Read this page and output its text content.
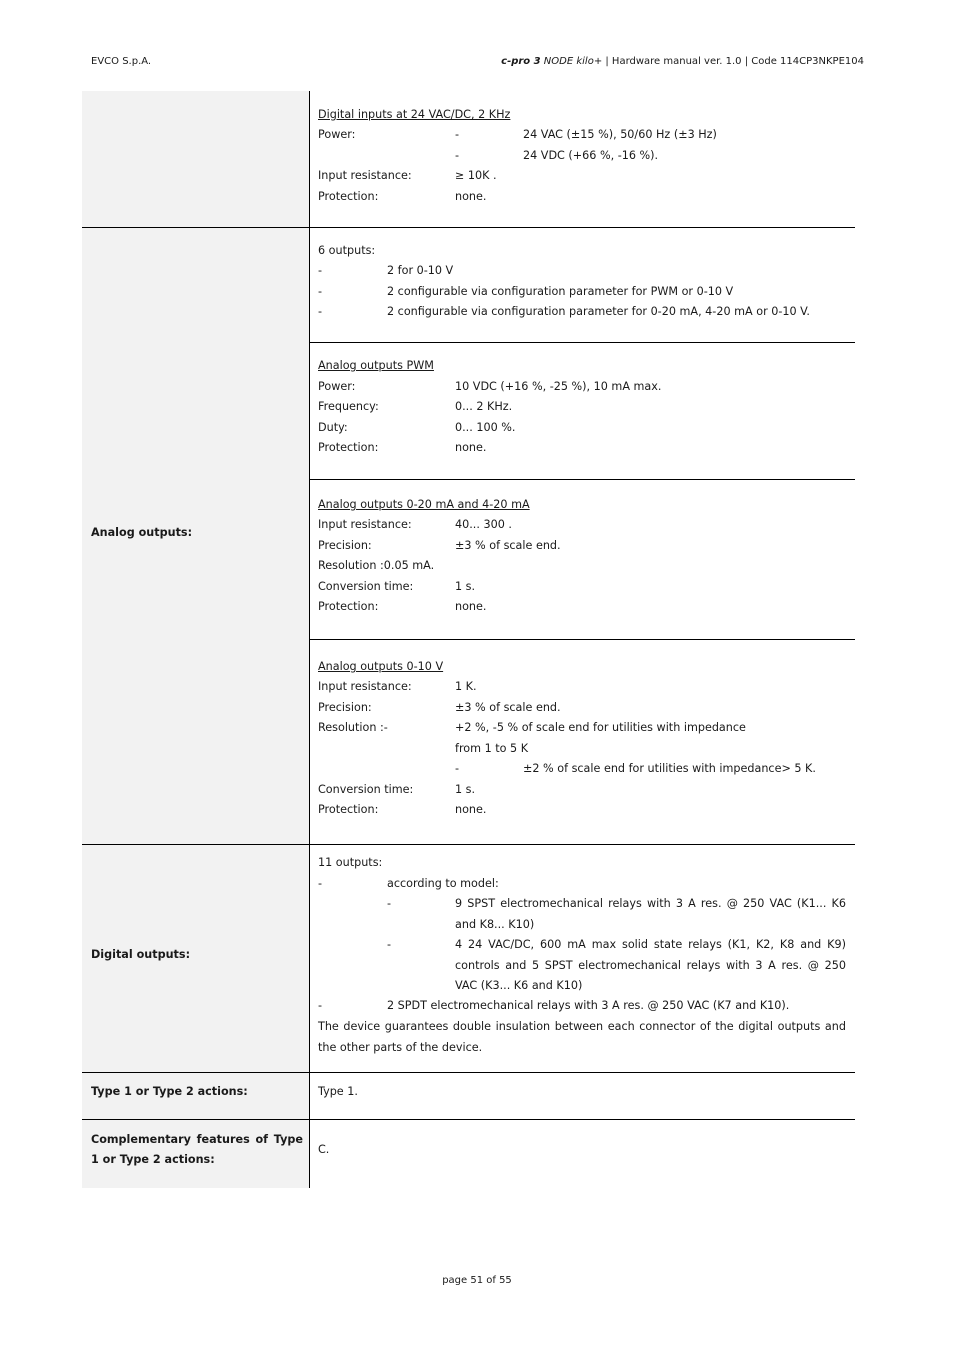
EVCO S.p.A.	c-pro 3 NODE kilo+ | Hardware manual ver. 1.0 | Code 114CP3NKPE104
Digital inputs at 24 VAC/DC, 2 KHz
Power:	-	24 VAC (±15 %), 50/60 Hz (±3 Hz)
-	24 VDC (+66 %, -16 %).
Input resistance:	≥ 10K .
Protection:	none.
Analog outputs:
6 outputs:
-	2 for 0-10 V
-	2 configurable via configuration parameter for PWM or 0-10 V
-	2 configurable via configuration parameter for 0-20 mA, 4-20 mA or 0-10 V.
Analog outputs PWM
Power:	10 VDC (+16 %, -25 %), 10 mA max.
Frequency:	0... 2 KHz.
Duty:	0... 100 %.
Protection:	none.
Analog outputs 0-20 mA and 4-20 mA
Input resistance:	40... 300 .
Precision:	±3 % of scale end.
Resolution :0.05 mA.
Conversion time:	1 s.
Protection:	none.
Analog outputs 0-10 V
Input resistance:	1 K.
Precision:	±3 % of scale end.
Resolution :-	+2 %, -5 % of scale end for utilities with impedance
from 1 to 5 K
-	±2 % of scale end for utilities with impedance> 5 K.
Conversion time:	1 s.
Protection:	none.
Digital outputs:
11 outputs:
-	according to model:
-	9 SPST electromechanical relays with 3 A res. @ 250 VAC (K1... K6 and K8... K10)
-	4 24 VAC/DC, 600 mA max solid state relays (K1, K2, K8 and K9) controls and 5 SPST electromechanical relays with 3 A res. @ 250 VAC (K3... K6 and K10)
-	2 SPDT electromechanical relays with 3 A res. @ 250 VAC (K7 and K10).
The device guarantees double insulation between each connector of the digital outputs and the other parts of the device.
Type 1 or Type 2 actions:	Type 1.
Complementary features of Type 1 or Type 2 actions:
C.
page 51 of 55
